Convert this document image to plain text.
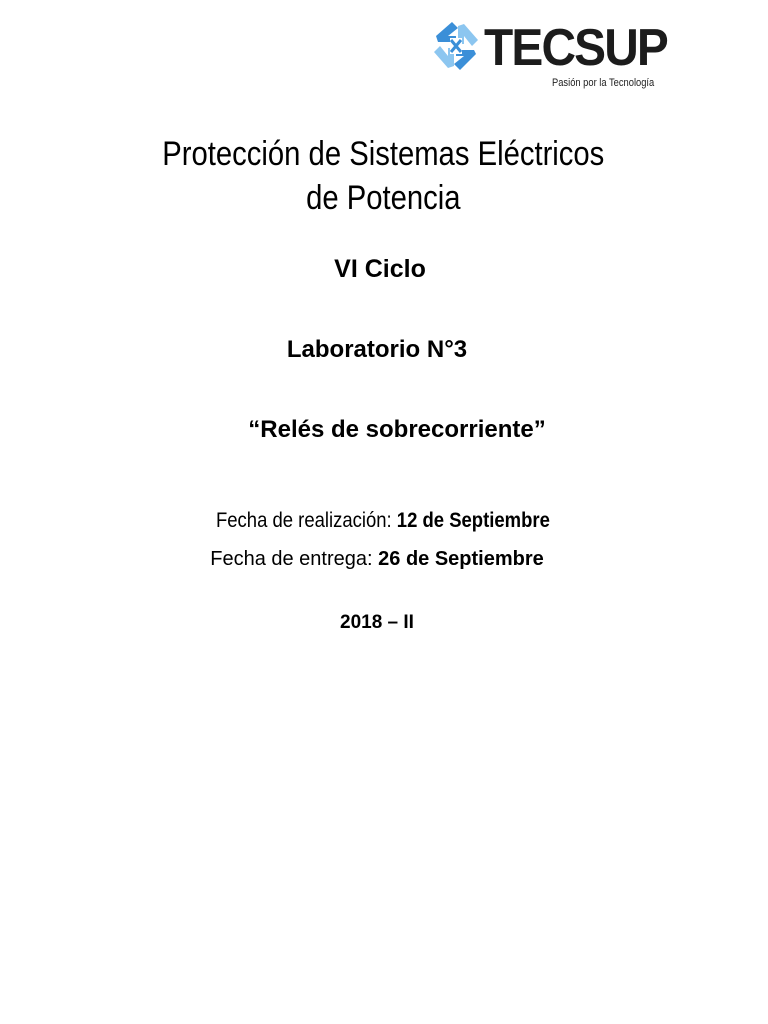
TECSUP
Pasión por la Tecnología
Protección de Sistemas Eléctricos
de Potencia
VI Ciclo
Laboratorio N°3
“Relés de sobrecorriente”
Fecha de realización: 12 de Septiembre
Fecha de entrega: 26 de Septiembre
2018 – II
